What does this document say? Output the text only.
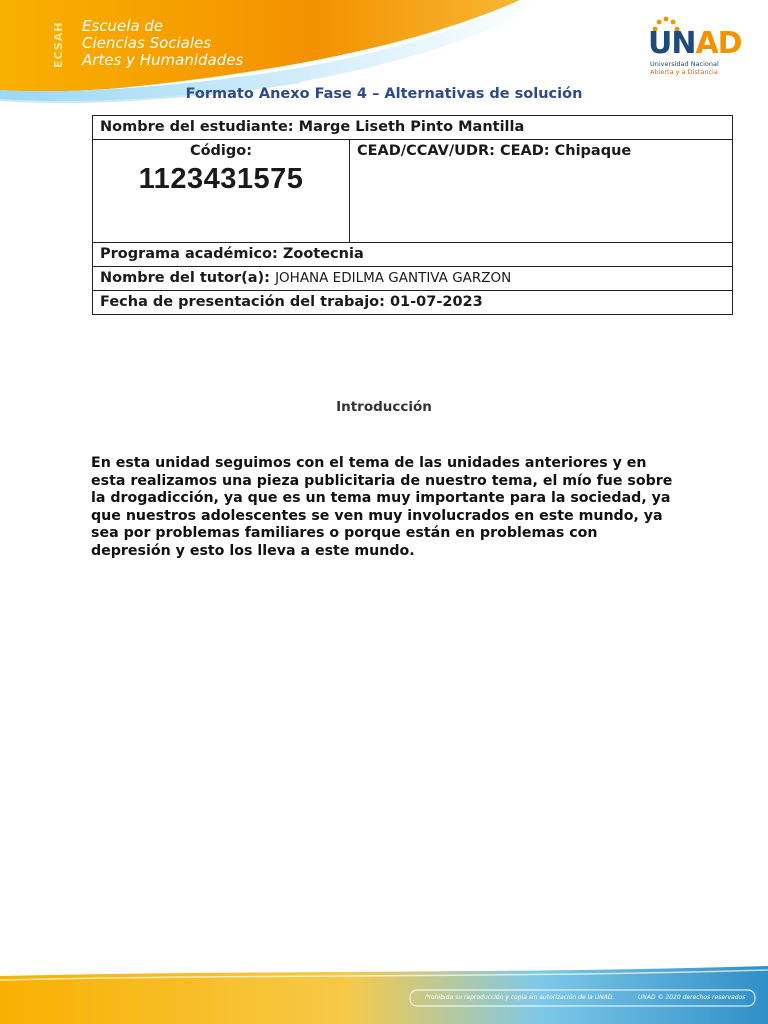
ECSAH	Escuela de
Ciencias Sociales
Artes y Humanidades	UNAD
Universidad Nacional
Abierta y a Distancia
Formato Anexo Fase 4 – Alternativas de solución
Nombre del estudiante: Marge Liseth Pinto Mantilla

Código:
1123431575
	CEAD/CCAV/UDR: CEAD: Chipaque
Programa académico: Zootecnia
Nombre del tutor(a): JOHANA EDILMA GANTIVA GARZON
Fecha de presentación del trabajo: 01-07-2023
Introducción
En esta unidad seguimos con el tema de las unidades anteriores y en esta realizamos una pieza publicitaria de nuestro tema, el mío fue sobre la drogadicción, ya que es un tema muy importante para la sociedad, ya que nuestros adolescentes se ven muy involucrados en este mundo, ya sea por problemas familiares o porque están en problemas con depresión y esto los lleva a este mundo.
Prohibida su reproducción y copia sin autorización de la UNAD.	UNAD © 2020 derechos reservados
